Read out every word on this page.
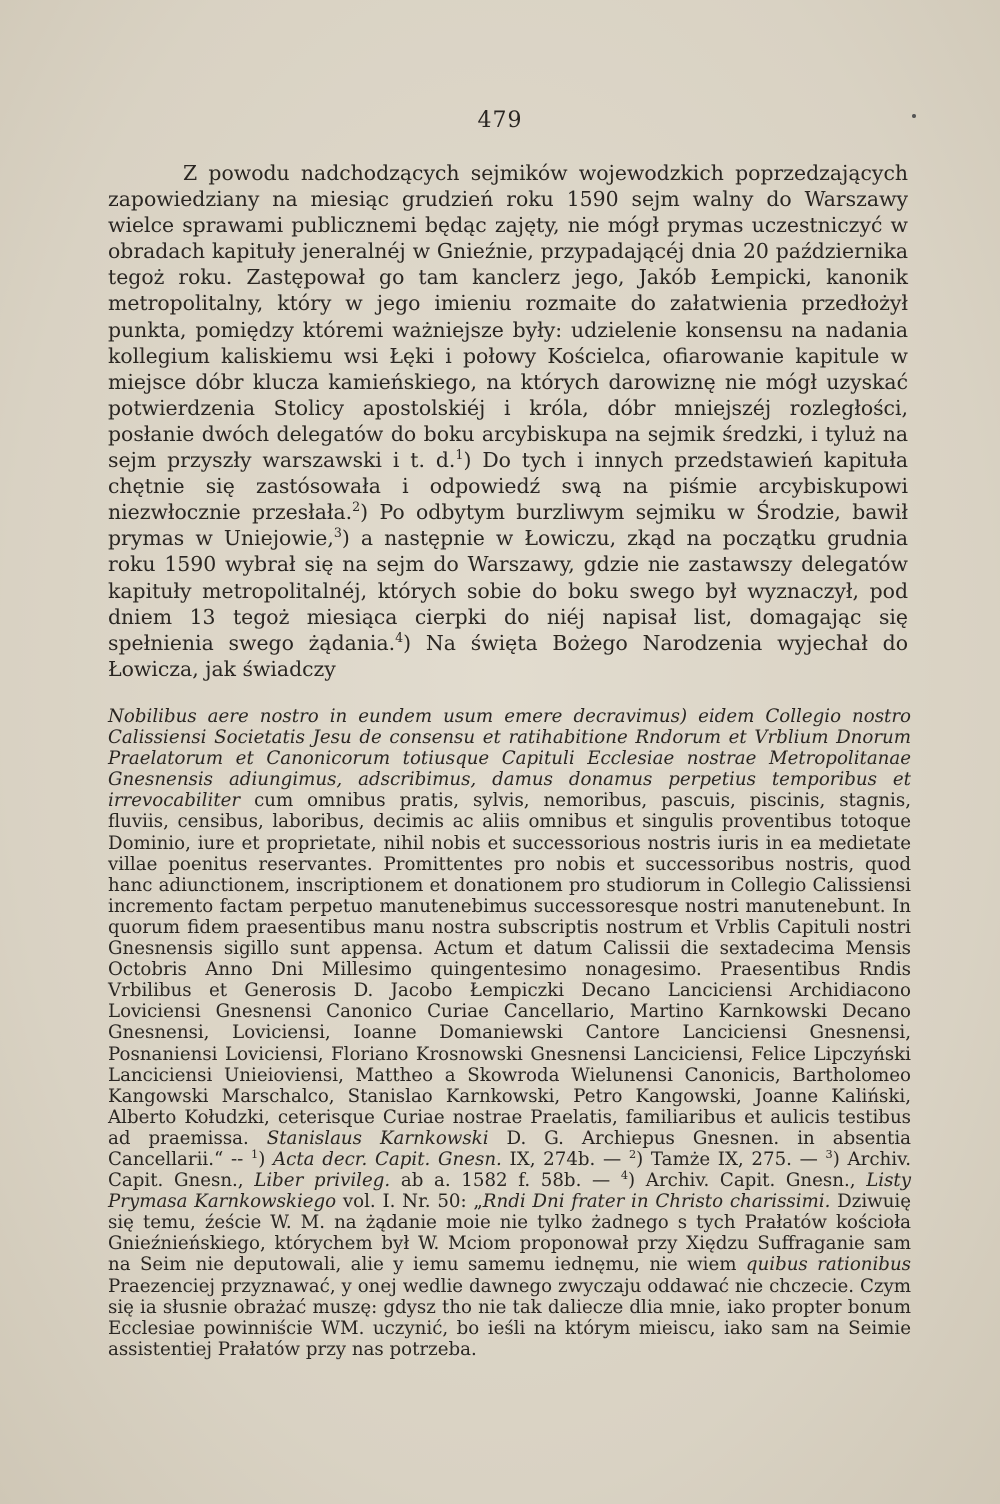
479

Z powodu nadchodzących sejmików wojewodzkich poprzedzających zapowiedziany na miesiąc grudzień roku 1590 sejm walny do Warszawy wielce sprawami publicznemi będąc zajęty, nie mógł prymas uczestniczyć w obradach kapituły jeneralnéj w Gnieźnie, przypadającéj dnia 20 października tegoż roku. Zastępował go tam kanclerz jego, Jakób Łempicki, kanonik metropolitalny, który w jego imieniu rozmaite do załatwienia przedłożył punkta, pomiędzy któremi ważniejsze były: udzielenie konsensu na nadania kollegium kaliskiemu wsi Łęki i połowy Kościelca, ofiarowanie kapitule w miejsce dóbr klucza kamieńskiego, na których darowiznę nie mógł uzyskać potwierdzenia Stolicy apostolskiéj i króla, dóbr mniejszéj rozległości, posłanie dwóch delegatów do boku arcybiskupa na sejmik średzki, i tyluż na sejm przyszły warszawski i t. d.$^1$) Do tych i innych przedstawień kapituła chętnie się zastósowała i odpowiedź swą na piśmie arcybiskupowi niezwłocznie przesłała.$^2$) Po odbytym burzliwym sejmiku w Środzie, bawił prymas w Uniejowie,$^3$) a następnie w Łowiczu, zkąd na początku grudnia roku 1590 wybrał się na sejm do Warszawy, gdzie nie zastawszy delegatów kapituły metropolitalnéj, których sobie do boku swego był wyznaczył, pod dniem 13 tegoż miesiąca cierpki do niéj napisał list, domagając się spełnienia swego żądania.$^4$) Na święta Bożego Narodzenia wyjechał do Łowicza, jak świadczy

Nobilibus aere nostro in eundem usum emere decravimus) eidem Collegio nostro Calissiensi Societatis Jesu de consensu et ratihabitione Rndorum et Vrblium Dnorum Praelatorum et Canonicorum totiusque Capituli Ecclesiae nostrae Metropolitanae Gnesnensis adiungimus, adscribimus, damus donamus perpetius temporibus et irrevocabiliter cum omnibus pratis, sylvis, nemoribus, pascuis, piscinis, stagnis, fluviis, censibus, laboribus, decimis ac aliis omnibus et singulis proventibus totoque Dominio, iure et proprietate, nihil nobis et successorious nostris iuris in ea medietate villae poenitus reservantes. Promittentes pro nobis et successoribus nostris, quod hanc adiunctionem, inscriptionem et donationem pro studiorum in Collegio Calissiensi incremento factam perpetuo manutenebimus successoresque nostri manutenebunt. In quorum fidem praesentibus manu nostra subscriptis nostrum et Vrblis Capituli nostri Gnesnensis sigillo sunt appensa. Actum et datum Calissii die sextadecima Mensis Octobris Anno Dni Millesimo quingentesimo nonagesimo. Praesentibus Rndis Vrbilibus et Generosis D. Jacobo Łempiczki Decano Lanciciensi Archidiacono Loviciensi Gnesnensi Canonico Curiae Cancellario, Martino Karnkowski Decano Gnesnensi, Loviciensi, Ioanne Domaniewski Cantore Lanciciensi Gnesnensi, Posnaniensi Loviciensi, Floriano Krosnowski Gnesnensi Lanciciensi, Felice Lipczyński Lanciciensi Unieioviensi, Mattheo a Skowroda Wielunensi Canonicis, Bartholomeo Kangowski Marschalco, Stanislao Karnkowski, Petro Kangowski, Joanne Kaliński, Alberto Kołudzki, ceterisque Curiae nostrae Praelatis, familiaribus et aulicis testibus ad praemissa. Stanislaus Karnkowski D. G. Archiepus Gnesnen. in absentia Cancellarii.“ -- $^1$) Acta decr. Capit. Gnesn. IX, 274b. — $^2$) Tamże IX, 275. — $^3$) Archiv. Capit. Gnesn., Liber privileg. ab a. 1582 f. 58b. — $^4$) Archiv. Capit. Gnesn., Listy Prymasa Karnkowskiego vol. I. Nr. 50: „Rndi Dni frater in Christo charissimi. Dziwuię się temu, źeście W. M. na żądanie moie nie tylko żadnego s tych Prałatów kościoła Gnieźnieńskiego, którychem był W. Mciom proponował przy Xiędzu Suffraganie sam na Seim nie deputowali, alie y iemu samemu iednęmu, nie wiem quibus rationibus Praezenciej przyznawać, y onej wedlie dawnego zwyczaju oddawać nie chczecie. Czym się ia słusnie obrażać muszę: gdysz tho nie tak dalieczе dlia mnie, iako propter bonum Ecclesiae powinniście WM. uczynić, bo ieśli na którym mieiscu, iako sam na Seimie assistentiej Prałatów przy nas potrzeba.
